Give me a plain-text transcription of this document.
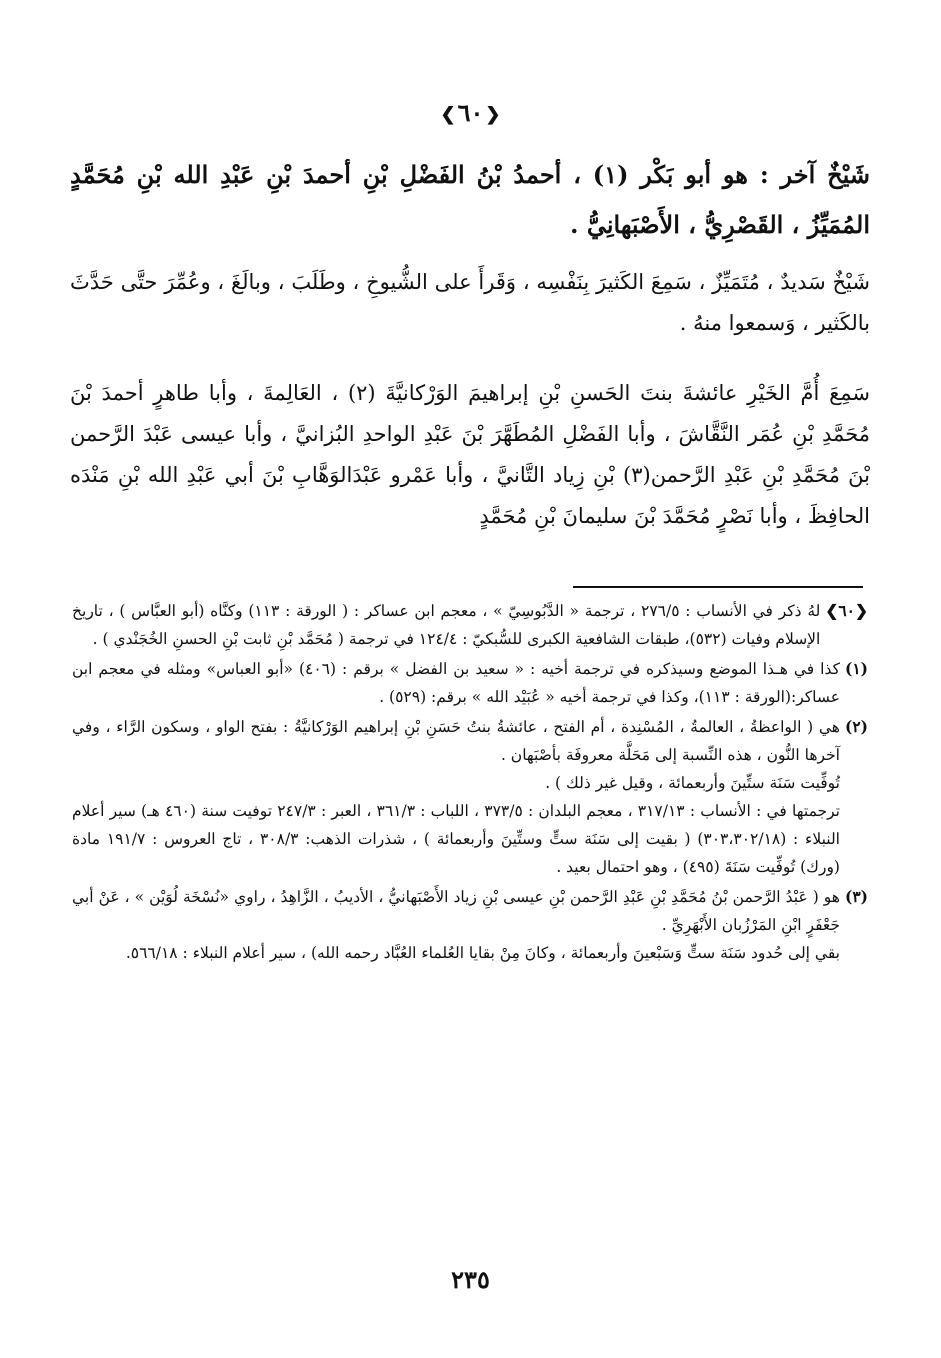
❮٦٠❯
شَيْخٌ آخر : هو أبو بَكْر (١) ، أحمدُ بْنُ الفَضْلِ بْنِ أحمدَ بْنِ عَبْدِ الله بْنِ مُحَمَّدٍ المُمَيِّزُ ، القَصْرِيُّ ، الأَصْبَهانِيُّ .
شَيْخٌ سَديدٌ ، مُتَمَيِّزٌ ، سَمِعَ الكَثيرَ بِنَفْسِه ، وَقَرأَ على الشُّيوخِ ، وطَلَبَ ، وبالَغَ ، وعُمِّرَ حتَّى حَدَّثَ بالكَثير ، وَسمعوا منهُ .
سَمِعَ أُمَّ الخَيْرِ عائشةَ بنتَ الحَسنِ بْنِ إبراهيمَ الوَرْكانيَّةَ (٢) ، العَالِمةَ ، وأبا طاهرٍ أحمدَ بْنَ مُحَمَّدِ بْنِ عُمَر النَّقَّاشَ ، وأبا الفَضْلِ المُطَهَّرَ بْنَ عَبْدِ الواحدِ البُزانيَّ ، وأبا عيسى عَبْدَ الرَّحمن بْنَ مُحَمَّدِ بْنِ عَبْدِ الرَّحمن(٣) بْنِ زِياد التَّانيَّ ، وأبا عَمْرو عَبْدَالوَهَّابِ بْنَ أبي عَبْدِ الله بْنِ مَنْدَه الحافِظَ ، وأبا نَصْرٍ مُحَمَّدَ بْنَ سليمانَ بْنِ مُحَمَّدٍ
❮٦٠❯

لهُ ذكر في الأنساب : ٢٧٦/٥ ، ترجمة « الدَّبُوسِيّ » ، معجم ابن عساكر : ( الورقة : ١١٣) وكنَّاه (أبو العبَّاس ) ، تاريخ الإسلام وفيات (٥٣٢)، طبقات الشافعية الكبرى للسُّبكيّ : ١٢٤/٤ في ترجمة ( مُحَمَّد بْنِ ثابت بْنِ الحسنِ الخُجَنْدي ) .

(١)

كذا في هـذا الموضع وسيذكره في ترجمة أخيه : « سعيد بن الفضل » برقم : (٤٠٦) «أبو العباس» ومثله في معجم ابن عساكر:(الورقة : ١١٣)، وكذا في ترجمة أخيه « عُبَيْد الله » برقم: (٥٢٩) .

(٢)

هي ( الواعظةُ ، العالمةُ ، المُسْنِدة ، أم الفتح ، عائشةُ بنتُ حَسَنِ بْنِ إبراهيم الوَرْكانيَّةُ : بفتح الواو ، وسكون الرَّاء ، وفي آخرها النُّون ، هذه النِّسبة إلى مَحَلَّة معروفَة بأصْبَهان .

تُوفِّيت سَنَة ستِّينَ وأربعمائة ، وقيل غير ذلك ) .

ترجمتها في : الأنساب : ٣١٧/١٣ ، معجم البلدان : ٣٧٣/٥ ، اللباب : ٣٦١/٣ ، العبر : ٢٤٧/٣ توفيت سنة (٤٦٠ هـ) سير أعلام النبلاء : (٣٠٣،٣٠٢/١٨) ( بقيت إلى سَنَة ستٍّ وستِّينَ وأربعمائة ) ، شذرات الذهب: ٣٠٨/٣ ، تاج العروس : ١٩١/٧ مادة (ورك) تُوفِّيت سَنَةَ (٤٩٥) ، وهو احتمال بعيد .

(٣)

هو ( عَبْدُ الرَّحمن بْنُ مُحَمَّدِ بْنِ عَبْدِ الرَّحمن بْنِ عيسى بْنِ زياد الأَصْبَهانيُّ ، الأديبُ ، الزَّاهِدُ ، راوي «نُسْخَة لُوَيْن » ، عَنْ أبي جَعْفَرٍ ابْنِ المَرْزُبان الأَبْهَرِيِّ .

بقي إلى حُدود سَنَة ستٍّ وَسَبْعينَ وأربعمائة ، وكانَ مِنْ بقايا العُلماء العُبَّاد رحمه الله) ، سير أعلام النبلاء : ٥٦٦/١٨.

٢٣٥
